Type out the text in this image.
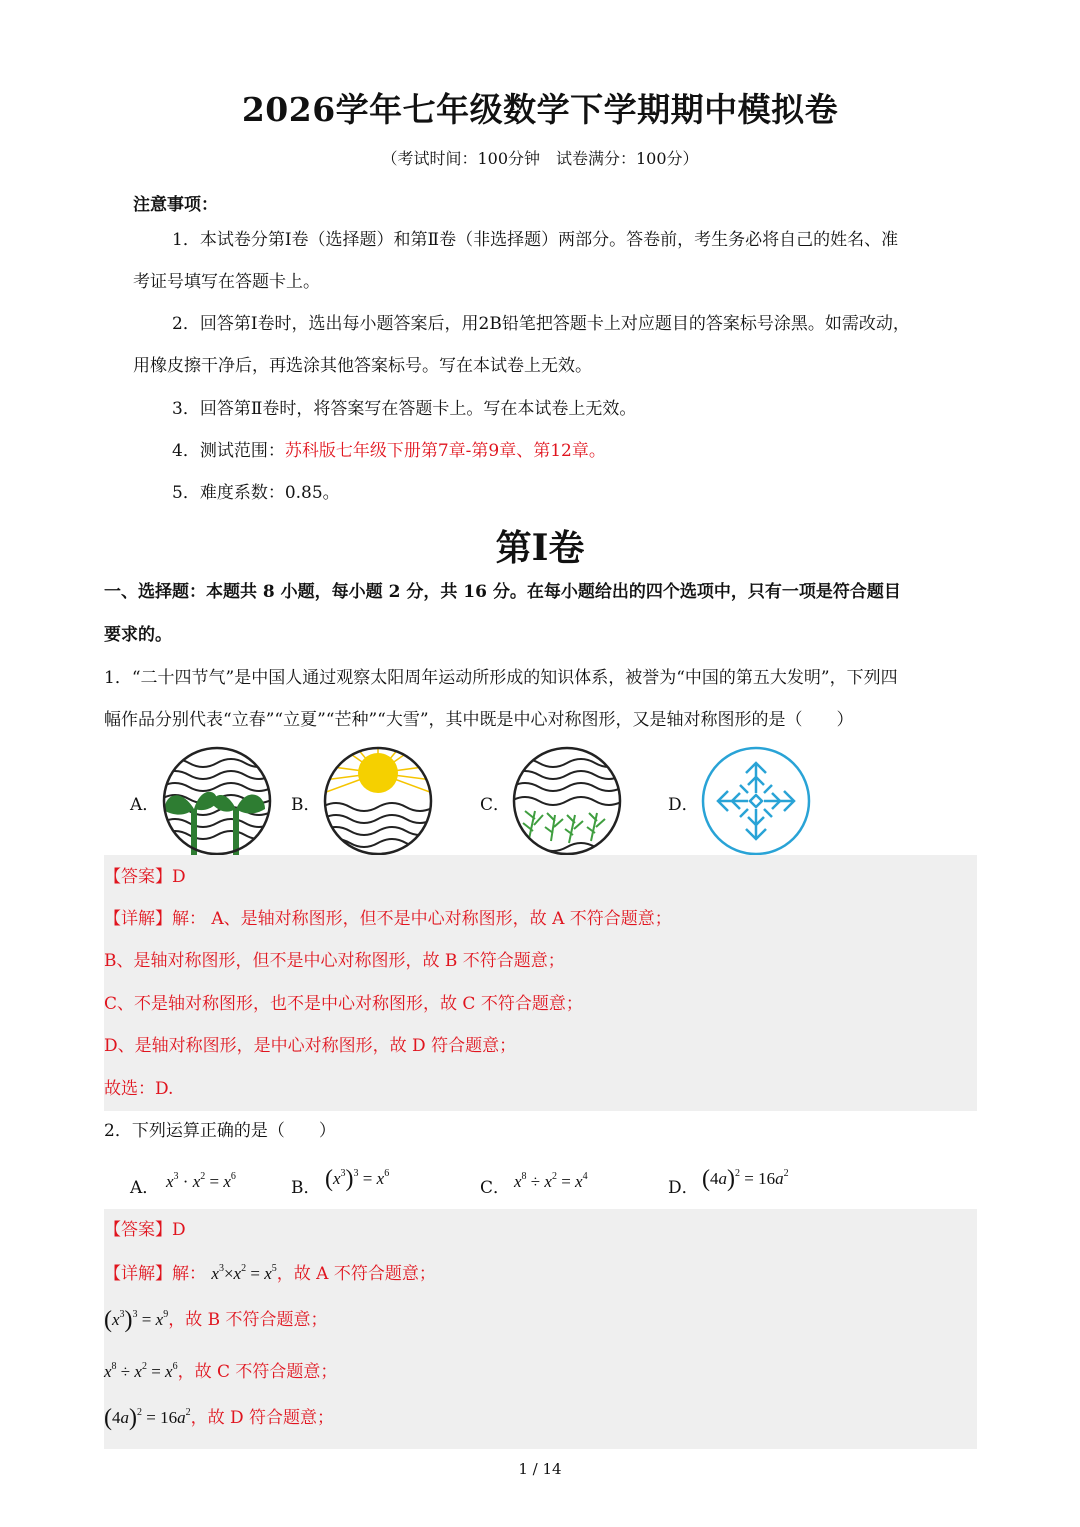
2026学年七年级数学下学期期中模拟卷
（考试时间：100分钟　试卷满分：100分）
注意事项：
1．本试卷分第Ⅰ卷（选择题）和第Ⅱ卷（非选择题）两部分。答卷前，考生务必将自己的姓名、准
考证号填写在答题卡上。
2．回答第Ⅰ卷时，选出每小题答案后，用2B铅笔把答题卡上对应题目的答案标号涂黑。如需改动，
用橡皮擦干净后，再选涂其他答案标号。写在本试卷上无效。
3．回答第Ⅱ卷时，将答案写在答题卡上。写在本试卷上无效。
4．测试范围：苏科版七年级下册第7章-第9章、第12章。
5．难度系数：0.85。
第Ⅰ卷
一、选择题：本题共 8 小题，每小题 2 分，共 16 分。在每小题给出的四个选项中，只有一项是符合题目
要求的。
1．“二十四节气”是中国人通过观察太阳周年运动所形成的知识体系，被誉为“中国的第五大发明”，下列四
幅作品分别代表“立春”“立夏”“芒种”“大雪”，其中既是中心对称图形，又是轴对称图形的是（　　）
A．	B．	C．	D．
【答案】D
【详解】解： A、是轴对称图形，但不是中心对称图形，故 A 不符合题意；
B、是轴对称图形，但不是中心对称图形，故 B 不符合题意；
C、不是轴对称图形，也不是中心对称图形，故 C 不符合题意；
D、是轴对称图形，是中心对称图形，故 D 符合题意；
故选：D.
2．下列运算正确的是（　　）
A． $x^3 \cdot x^2 = x^6$
B． $(x^3)^3 = x^6$
C． $x^8 \div x^2 = x^4$
D． $(4a)^2 = 16a^2$
【答案】D
【详解】解： $x^3\times x^2 = x^5$，故 A 不符合题意；
$(x^3)^3 = x^9$，故 B 不符合题意；
$x^8 \div x^2 = x^6$，故 C 不符合题意；
$(4a)^2 = 16a^2$，故 D 符合题意；
1 / 14
